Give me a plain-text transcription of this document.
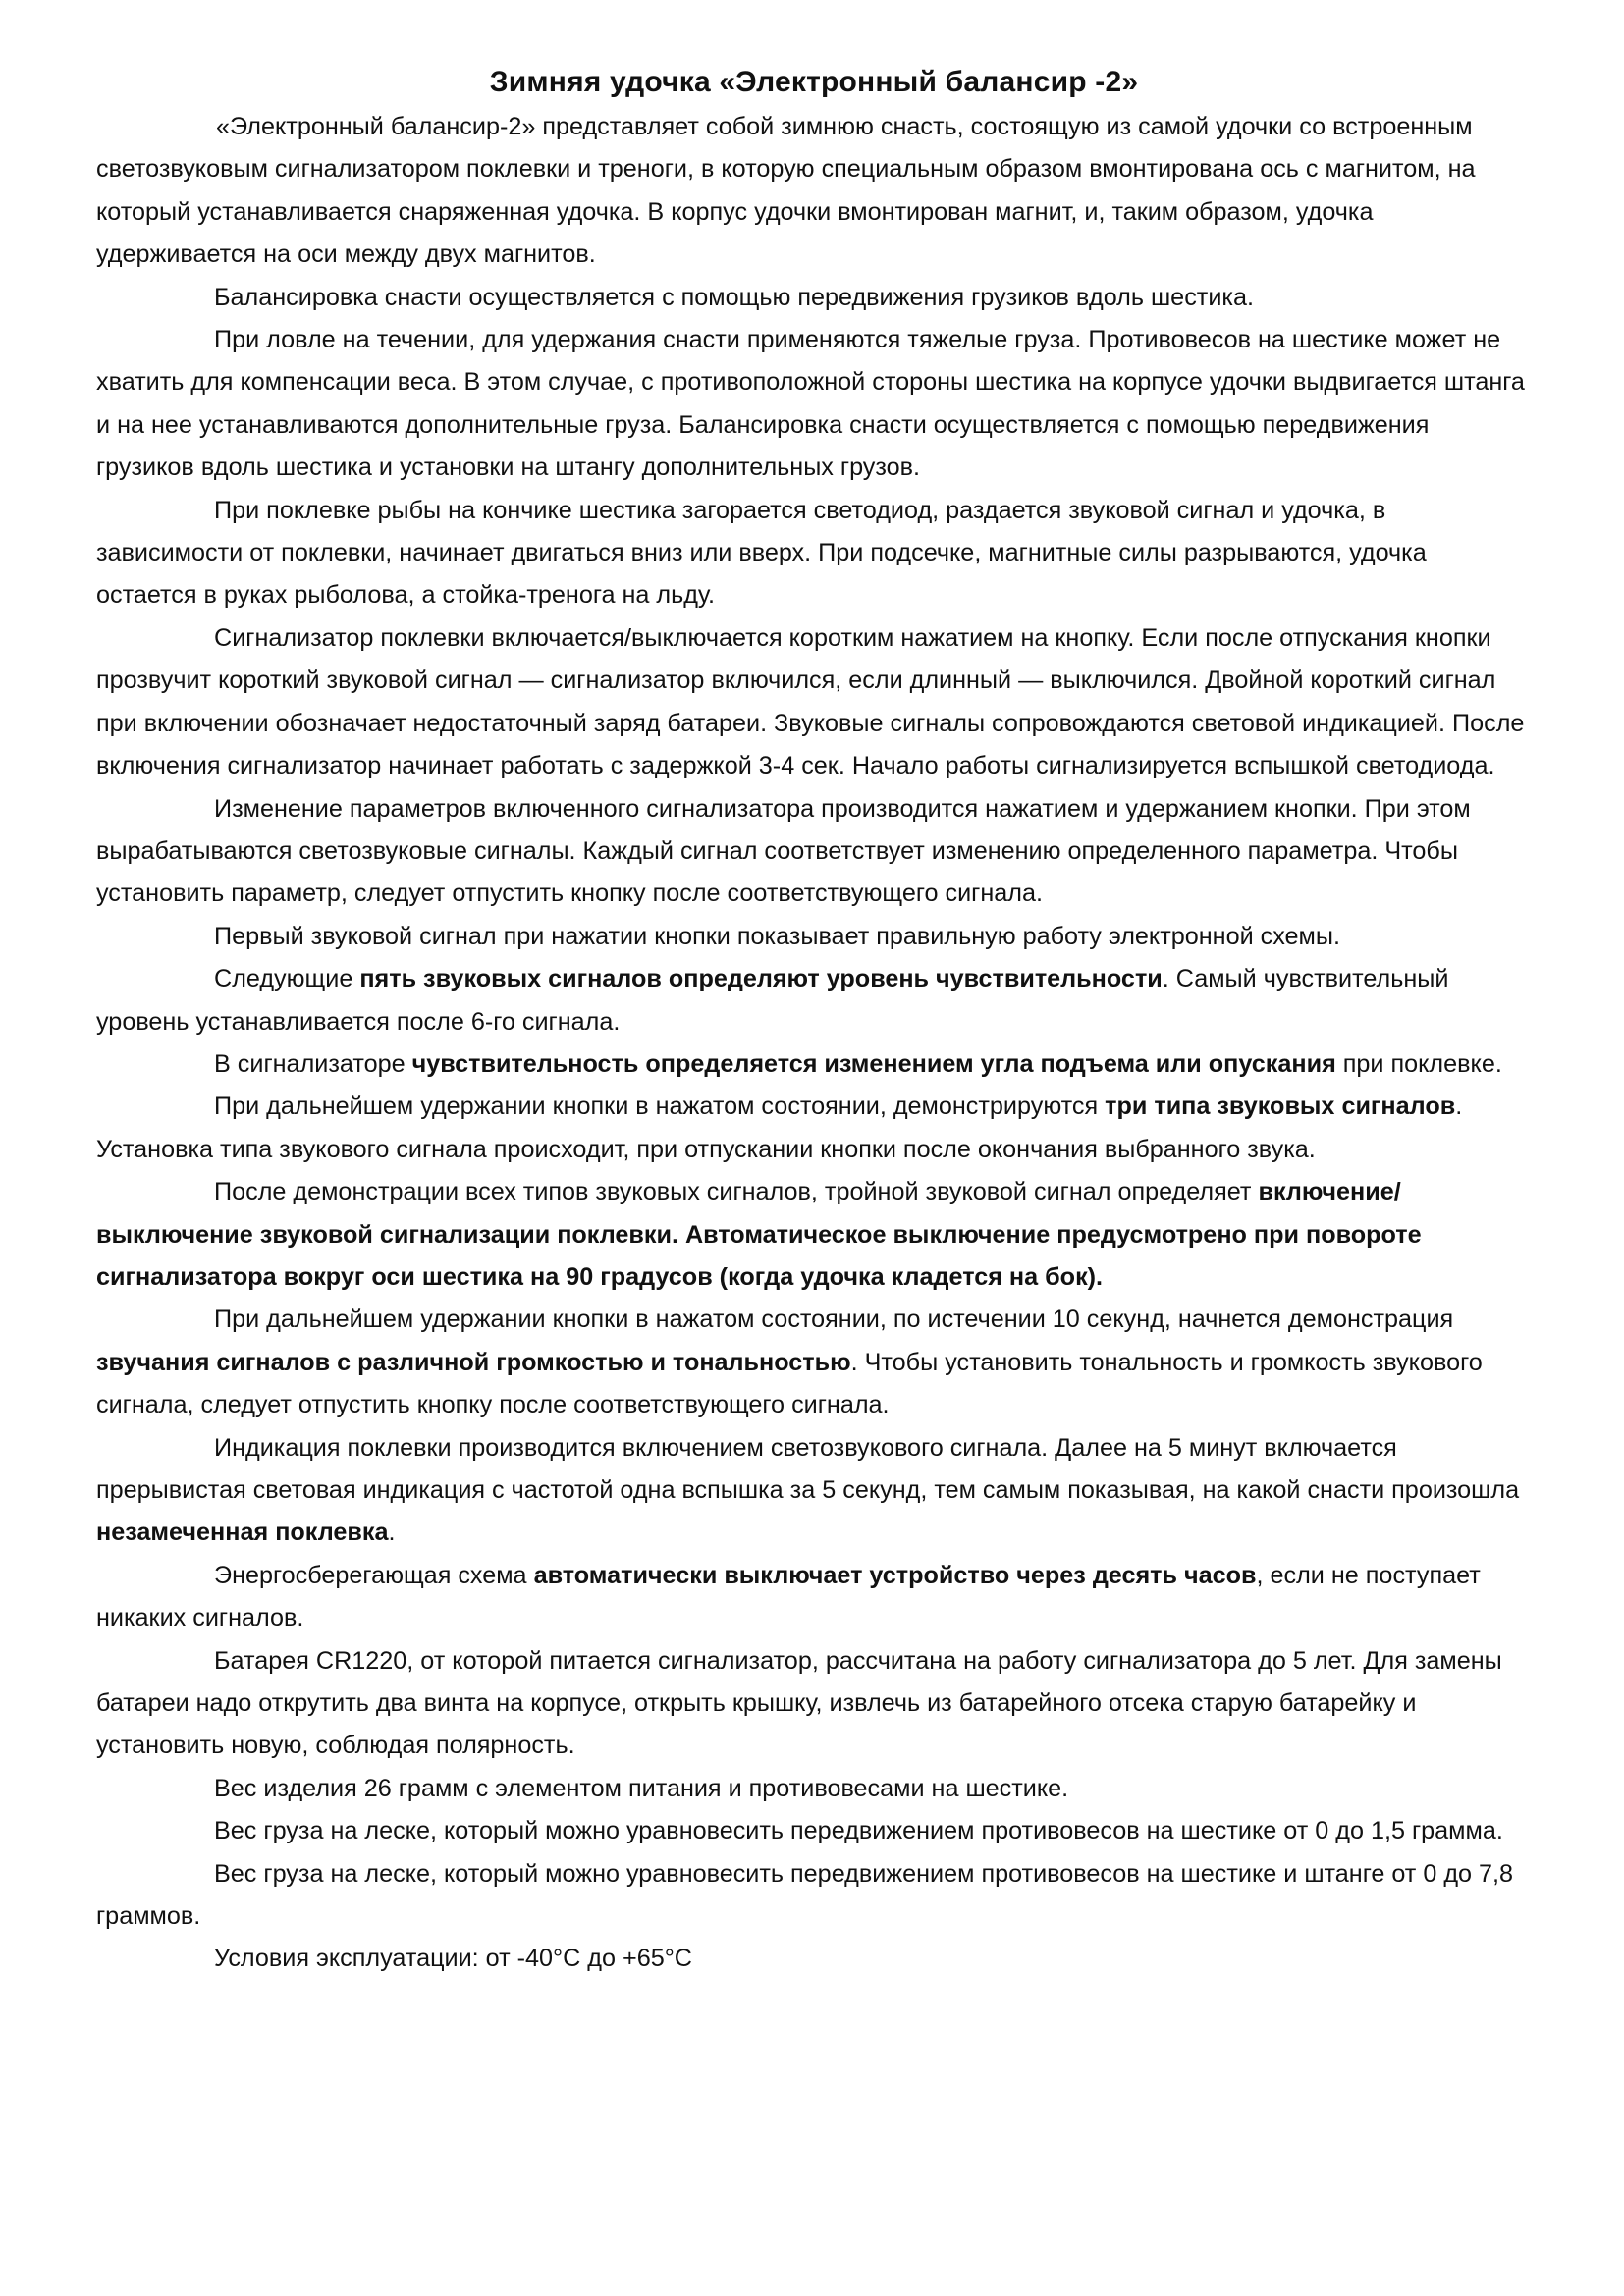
Зимняя удочка «Электронный балансир -2»

«Электронный балансир-2» представляет собой зимнюю снасть, состоящую из самой удочки со встроенным светозвуковым сигнализатором поклевки и треноги, в которую специальным образом вмонтирована ось с магнитом, на который устанавливается снаряженная удочка. В корпус удочки вмонтирован магнит, и, таким образом, удочка удерживается на оси между двух магнитов.

Балансировка снасти осуществляется с помощью передвижения грузиков вдоль шестика.

При ловле на течении, для удержания снасти применяются тяжелые груза. Противовесов на шестике может не хватить для компенсации веса. В этом случае, с противоположной стороны шестика на корпусе удочки выдвигается штанга и на нее устанавливаются дополнительные груза. Балансировка снасти осуществляется с помощью передвижения грузиков вдоль шестика и установки на штангу дополнительных грузов.

При поклевке рыбы на кончике шестика загорается светодиод, раздается звуковой сигнал и удочка, в зависимости от поклевки, начинает двигаться вниз или вверх. При подсечке, магнитные силы разрываются, удочка остается в руках рыболова, а стойка-тренога на льду.

Сигнализатор поклевки включается/выключается коротким нажатием на кнопку. Если после отпускания кнопки прозвучит короткий звуковой сигнал — сигнализатор включился, если длинный — выключился. Двойной короткий сигнал при включении обозначает недостаточный заряд батареи. Звуковые сигналы сопровождаются световой индикацией. После включения сигнализатор начинает работать с задержкой 3-4 сек. Начало работы сигнализируется вспышкой светодиода.

Изменение параметров включенного сигнализатора производится нажатием и удержанием кнопки. При этом вырабатываются светозвуковые сигналы. Каждый сигнал соответствует изменению определенного параметра. Чтобы установить параметр, следует отпустить кнопку после соответствующего сигнала.

Первый звуковой сигнал при нажатии кнопки показывает правильную работу электронной схемы.

Следующие пять звуковых сигналов определяют уровень чувствительности. Самый чувствительный уровень устанавливается после 6-го сигнала.

В сигнализаторе чувствительность определяется изменением угла подъема или опускания при поклевке.

При дальнейшем удержании кнопки в нажатом состоянии, демонстрируются три типа звуковых сигналов. Установка типа звукового сигнала происходит, при отпускании кнопки после окончания выбранного звука.

После демонстрации всех типов звуковых сигналов, тройной звуковой сигнал определяет включение/выключение звуковой сигнализации поклевки. Автоматическое выключение предусмотрено при повороте сигнализатора вокруг оси шестика на 90 градусов (когда удочка кладется на бок).

При дальнейшем удержании кнопки в нажатом состоянии, по истечении 10 секунд, начнется демонстрация звучания сигналов с различной громкостью и тональностью. Чтобы установить тональность и громкость звукового сигнала, следует отпустить кнопку после соответствующего сигнала.

Индикация поклевки производится включением светозвукового сигнала. Далее на 5 минут включается прерывистая световая индикация с частотой одна вспышка за 5 секунд, тем самым показывая, на какой снасти произошла незамеченная поклевка.

Энергосберегающая схема автоматически выключает устройство через десять часов, если не поступает никаких сигналов.

Батарея CR1220, от которой питается сигнализатор, рассчитана на работу сигнализатора до 5 лет. Для замены батареи надо открутить два винта на корпусе, открыть крышку, извлечь из батарейного отсека старую батарейку и установить новую, соблюдая полярность.

Вес изделия 26 грамм с элементом питания и противовесами на шестике.

Вес груза на леске, который можно уравновесить передвижением противовесов на шестике от 0 до 1,5 грамма.

Вес груза на леске, который можно уравновесить передвижением противовесов на шестике и штанге от 0 до 7,8 граммов.

Условия эксплуатации: от -40°С до +65°С
